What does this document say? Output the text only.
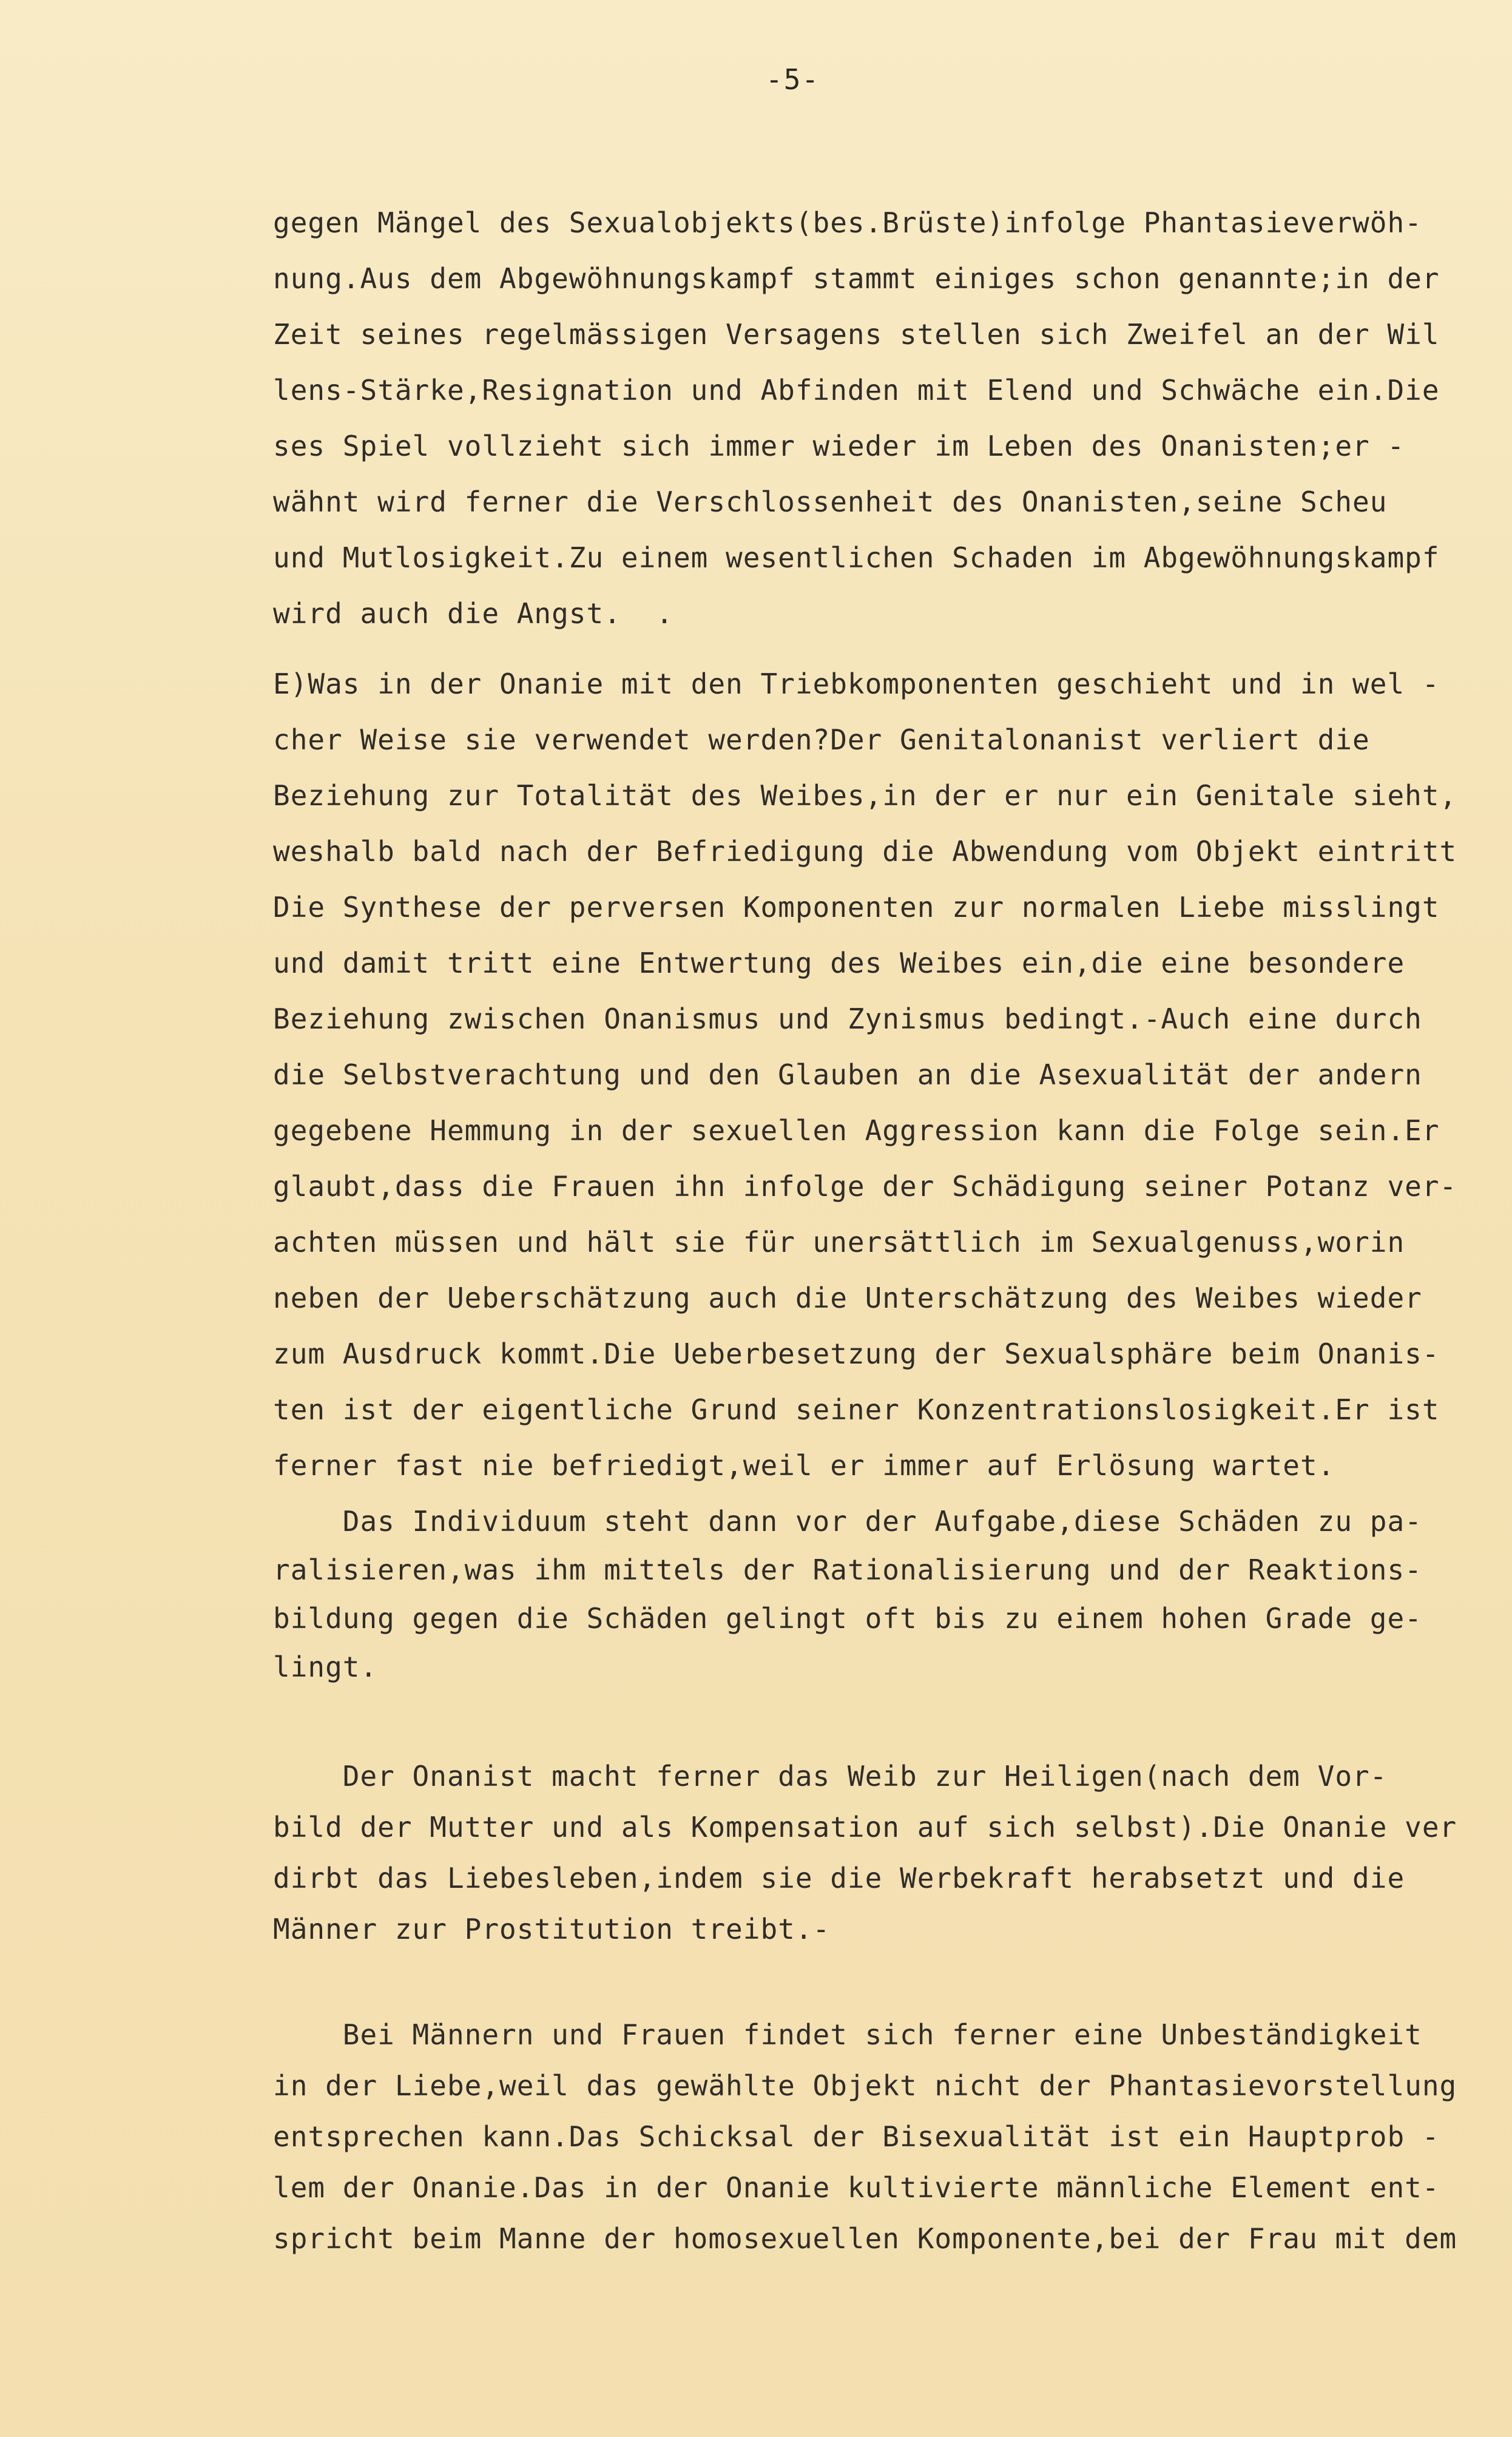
-5-
gegen Mängel des Sexualobjekts(bes.Brüste)infolge Phantasieverwöh-
nung.Aus dem Abgewöhnungskampf stammt einiges schon genannte;in der
Zeit seines regelmässigen Versagens stellen sich Zweifel an der Wil
lens-Stärke,Resignation und Abfinden mit Elend und Schwäche ein.Die
ses Spiel vollzieht sich immer wieder im Leben des Onanisten;er -
wähnt wird ferner die Verschlossenheit des Onanisten,seine Scheu
und Mutlosigkeit.Zu einem wesentlichen Schaden im Abgewöhnungskampf
wird auch die Angst.  .
E)Was in der Onanie mit den Triebkomponenten geschieht und in wel -
cher Weise sie verwendet werden?Der Genitalonanist verliert die
Beziehung zur Totalität des Weibes,in der er nur ein Genitale sieht,
weshalb bald nach der Befriedigung die Abwendung vom Objekt eintritt
Die Synthese der perversen Komponenten zur normalen Liebe misslingt
und damit tritt eine Entwertung des Weibes ein,die eine besondere
Beziehung zwischen Onanismus und Zynismus bedingt.-Auch eine durch
die Selbstverachtung und den Glauben an die Asexualität der andern
gegebene Hemmung in der sexuellen Aggression kann die Folge sein.Er
glaubt,dass die Frauen ihn infolge der Schädigung seiner Potanz ver-
achten müssen und hält sie für unersättlich im Sexualgenuss,worin
neben der Ueberschätzung auch die Unterschätzung des Weibes wieder
zum Ausdruck kommt.Die Ueberbesetzung der Sexualsphäre beim Onanis-
ten ist der eigentliche Grund seiner Konzentrationslosigkeit.Er ist
ferner fast nie befriedigt,weil er immer auf Erlösung wartet.
Das Individuum steht dann vor der Aufgabe,diese Schäden zu pa-
ralisieren,was ihm mittels der Rationalisierung und der Reaktions-
bildung gegen die Schäden gelingt oft bis zu einem hohen Grade ge-
lingt.
Der Onanist macht ferner das Weib zur Heiligen(nach dem Vor-
bild der Mutter und als Kompensation auf sich selbst).Die Onanie ver
dirbt das Liebesleben,indem sie die Werbekraft herabsetzt und die
Männer zur Prostitution treibt.-
Bei Männern und Frauen findet sich ferner eine Unbeständigkeit
in der Liebe,weil das gewählte Objekt nicht der Phantasievorstellung
entsprechen kann.Das Schicksal der Bisexualität ist ein Hauptprob -
lem der Onanie.Das in der Onanie kultivierte männliche Element ent-
spricht beim Manne der homosexuellen Komponente,bei der Frau mit dem
